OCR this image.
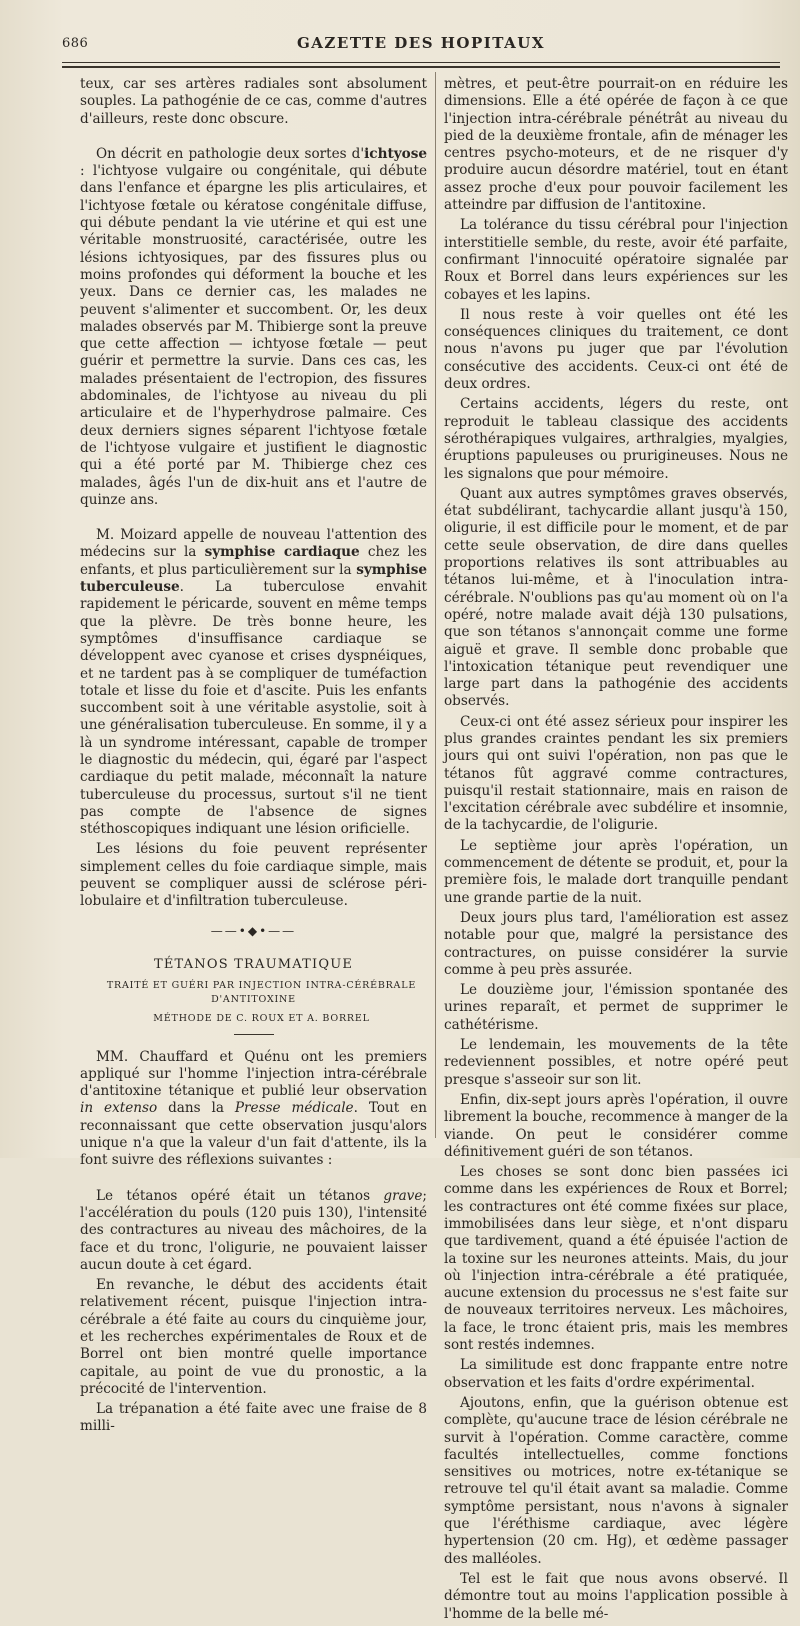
686	GAZETTE DES HOPITAUX

teux, car ses artères radiales sont absolument souples. La pathogénie de ce cas, comme d'autres d'ailleurs, reste donc obscure.

On décrit en pathologie deux sortes d'ichtyose : l'ichtyose vulgaire ou congénitale, qui débute dans l'enfance et épargne les plis articulaires, et l'ichtyose fœtale ou kératose congénitale diffuse, qui débute pendant la vie utérine et qui est une véritable monstruosité, caractérisée, outre les lésions ichtyosiques, par des fissures plus ou moins profondes qui déforment la bouche et les yeux. Dans ce dernier cas, les malades ne peuvent s'alimenter et succombent. Or, les deux malades observés par M. Thibierge sont la preuve que cette affection — ichtyose fœtale — peut guérir et permettre la survie. Dans ces cas, les malades présentaient de l'ectropion, des fissures abdominales, de l'ichtyose au niveau du pli articulaire et de l'hyperhydrose palmaire. Ces deux derniers signes séparent l'ichtyose fœtale de l'ichtyose vulgaire et justifient le diagnostic qui a été porté par M. Thibierge chez ces malades, âgés l'un de dix-huit ans et l'autre de quinze ans.

M. Moizard appelle de nouveau l'attention des médecins sur la symphise cardiaque chez les enfants, et plus particulièrement sur la symphise tuberculeuse. La tuberculose envahit rapidement le péricarde, souvent en même temps que la plèvre. De très bonne heure, les symptômes d'insuffisance cardiaque se développent avec cyanose et crises dyspnéiques, et ne tardent pas à se compliquer de tuméfaction totale et lisse du foie et d'ascite. Puis les enfants succombent soit à une véritable asystolie, soit à une généralisation tuberculeuse. En somme, il y a là un syndrome intéressant, capable de tromper le diagnostic du médecin, qui, égaré par l'aspect cardiaque du petit malade, méconnaît la nature tuberculeuse du processus, surtout s'il ne tient pas compte de l'absence de signes stéthoscopiques indiquant une lésion orificielle.

Les lésions du foie peuvent représenter simplement celles du foie cardiaque simple, mais peuvent se compliquer aussi de sclérose péri-lobulaire et d'infiltration tuberculeuse.

——•◆•——
TÉTANOS TRAUMATIQUE

TRAITÉ ET GUÉRI PAR INJECTION INTRA-CÉRÉBRALE D'ANTITOXINE

MÉTHODE DE C. ROUX ET A. BORREL

MM. Chauffard et Quénu ont les premiers appliqué sur l'homme l'injection intra-cérébrale d'antitoxine tétanique et publié leur observation in extenso dans la Presse médicale. Tout en reconnaissant que cette observation jusqu'alors unique n'a que la valeur d'un fait d'attente, ils la font suivre des réflexions suivantes :

Le tétanos opéré était un tétanos grave; l'accélération du pouls (120 puis 130), l'intensité des contractures au niveau des mâchoires, de la face et du tronc, l'oligurie, ne pouvaient laisser aucun doute à cet égard.

En revanche, le début des accidents était relativement récent, puisque l'injection intra-cérébrale a été faite au cours du cinquième jour, et les recherches expérimentales de Roux et de Borrel ont bien montré quelle importance capitale, au point de vue du pronostic, a la précocité de l'intervention.

La trépanation a été faite avec une fraise de 8 milli-

mètres, et peut-être pourrait-on en réduire les dimensions. Elle a été opérée de façon à ce que l'injection intra-cérébrale pénétrât au niveau du pied de la deuxième frontale, afin de ménager les centres psycho-moteurs, et de ne risquer d'y produire aucun désordre matériel, tout en étant assez proche d'eux pour pouvoir facilement les atteindre par diffusion de l'antitoxine.

La tolérance du tissu cérébral pour l'injection interstitielle semble, du reste, avoir été parfaite, confirmant l'innocuité opératoire signalée par Roux et Borrel dans leurs expériences sur les cobayes et les lapins.

Il nous reste à voir quelles ont été les conséquences cliniques du traitement, ce dont nous n'avons pu juger que par l'évolution consécutive des accidents. Ceux-ci ont été de deux ordres.

Certains accidents, légers du reste, ont reproduit le tableau classique des accidents sérothérapiques vulgaires, arthralgies, myalgies, éruptions papuleuses ou prurigineuses. Nous ne les signalons que pour mémoire.

Quant aux autres symptômes graves observés, état subdélirant, tachycardie allant jusqu'à 150, oligurie, il est difficile pour le moment, et de par cette seule observation, de dire dans quelles proportions relatives ils sont attribuables au tétanos lui-même, et à l'inoculation intra-cérébrale. N'oublions pas qu'au moment où on l'a opéré, notre malade avait déjà 130 pulsations, que son tétanos s'annonçait comme une forme aiguë et grave. Il semble donc probable que l'intoxication tétanique peut revendiquer une large part dans la pathogénie des accidents observés.

Ceux-ci ont été assez sérieux pour inspirer les plus grandes craintes pendant les six premiers jours qui ont suivi l'opération, non pas que le tétanos fût aggravé comme contractures, puisqu'il restait stationnaire, mais en raison de l'excitation cérébrale avec subdélire et insomnie, de la tachycardie, de l'oligurie.

Le septième jour après l'opération, un commencement de détente se produit, et, pour la première fois, le malade dort tranquille pendant une grande partie de la nuit.

Deux jours plus tard, l'amélioration est assez notable pour que, malgré la persistance des contractures, on puisse considérer la survie comme à peu près assurée.

Le douzième jour, l'émission spontanée des urines reparaît, et permet de supprimer le cathétérisme.

Le lendemain, les mouvements de la tête redeviennent possibles, et notre opéré peut presque s'asseoir sur son lit.

Enfin, dix-sept jours après l'opération, il ouvre librement la bouche, recommence à manger de la viande. On peut le considérer comme définitivement guéri de son tétanos.

Les choses se sont donc bien passées ici comme dans les expériences de Roux et Borrel; les contractures ont été comme fixées sur place, immobilisées dans leur siège, et n'ont disparu que tardivement, quand a été épuisée l'action de la toxine sur les neurones atteints. Mais, du jour où l'injection intra-cérébrale a été pratiquée, aucune extension du processus ne s'est faite sur de nouveaux territoires nerveux. Les mâchoires, la face, le tronc étaient pris, mais les membres sont restés indemnes.

La similitude est donc frappante entre notre observation et les faits d'ordre expérimental.

Ajoutons, enfin, que la guérison obtenue est complète, qu'aucune trace de lésion cérébrale ne survit à l'opération. Comme caractère, comme facultés intellectuelles, comme fonctions sensitives ou motrices, notre ex-tétanique se retrouve tel qu'il était avant sa maladie. Comme symptôme persistant, nous n'avons à signaler que l'éréthisme cardiaque, avec légère hypertension (20 cm. Hg), et œdème passager des malléoles.

Tel est le fait que nous avons observé. Il démontre tout au moins l'application possible à l'homme de la belle mé-
